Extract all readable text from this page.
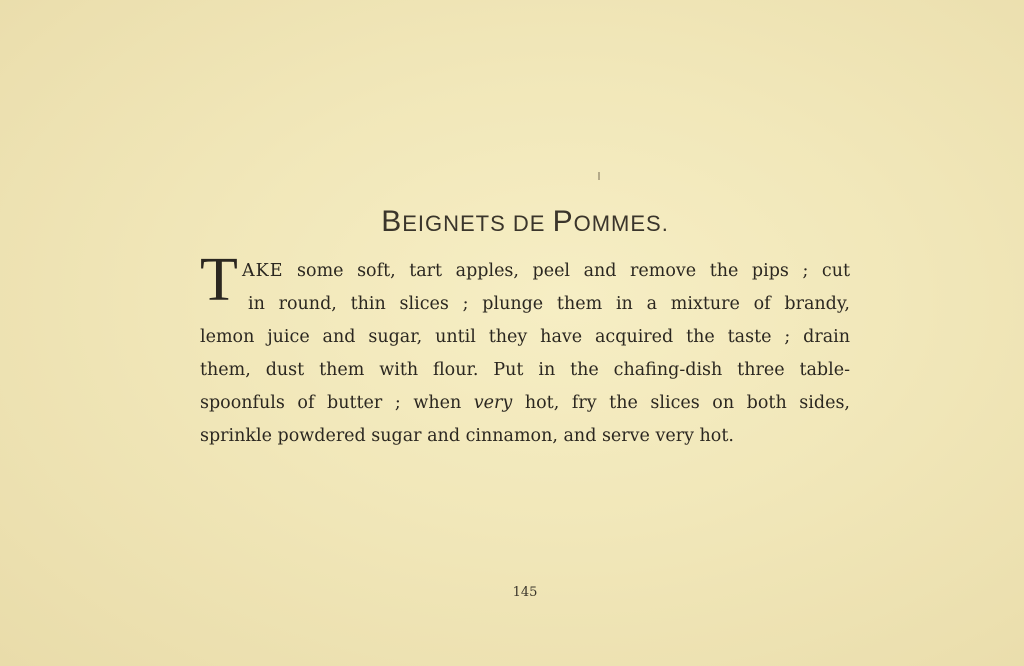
BEIGNETS DE POMMES.
T AKE some soft, tart apples, peel and remove the pips ; cut
in round, thin slices ; plunge them in a mixture of brandy,
lemon juice and sugar, until they have acquired the taste ; drain
them, dust them with flour. Put in the chafing-dish three table-
spoonfuls of butter ; when very hot, fry the slices on both sides,
sprinkle powdered sugar and cinnamon, and serve very hot.
145
